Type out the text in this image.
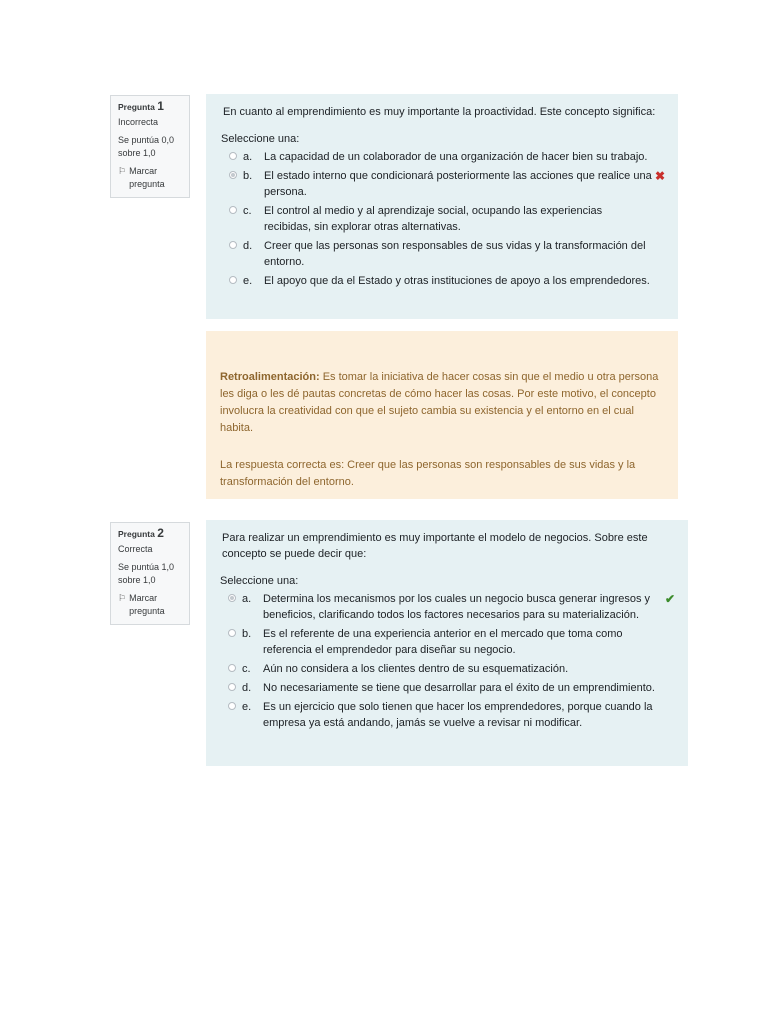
Pregunta 1
Incorrecta
Se puntúa 0,0 sobre 1,0
⚐ Marcar pregunta
En cuanto al emprendimiento es muy importante la proactividad. Este concepto significa:
Seleccione una:
a.	La capacidad de un colaborador de una organización de hacer bien su trabajo.
b.	El estado interno que condicionará posteriormente las acciones que realice una persona.
✖
c.	El control al medio y al aprendizaje social, ocupando las experiencias recibidas, sin explorar otras alternativas.
d.	Creer que las personas son responsables de sus vidas y la transformación del entorno.
e.	El apoyo que da el Estado y otras instituciones de apoyo a los emprendedores.
Retroalimentación: Es tomar la iniciativa de hacer cosas sin que el medio u otra persona les diga o les dé pautas concretas de cómo hacer las cosas. Por este motivo, el concepto involucra la creatividad con que el sujeto cambia su existencia y el entorno en el cual habita.
La respuesta correcta es: Creer que las personas son responsables de sus vidas y la transformación del entorno.
Pregunta 2
Correcta
Se puntúa 1,0 sobre 1,0
⚐ Marcar pregunta
Para realizar un emprendimiento es muy importante el modelo de negocios. Sobre este concepto se puede decir que:
Seleccione una:
a.	Determina los mecanismos por los cuales un negocio busca generar ingresos y beneficios, clarificando todos los factores necesarios para su materialización.
✔
b.	Es el referente de una experiencia anterior en el mercado que toma como referencia el emprendedor para diseñar su negocio.
c.	Aún no considera a los clientes dentro de su esquematización.
d.	No necesariamente se tiene que desarrollar para el éxito de un emprendimiento.
e.	Es un ejercicio que solo tienen que hacer los emprendedores, porque cuando la empresa ya está andando, jamás se vuelve a revisar ni modificar.
